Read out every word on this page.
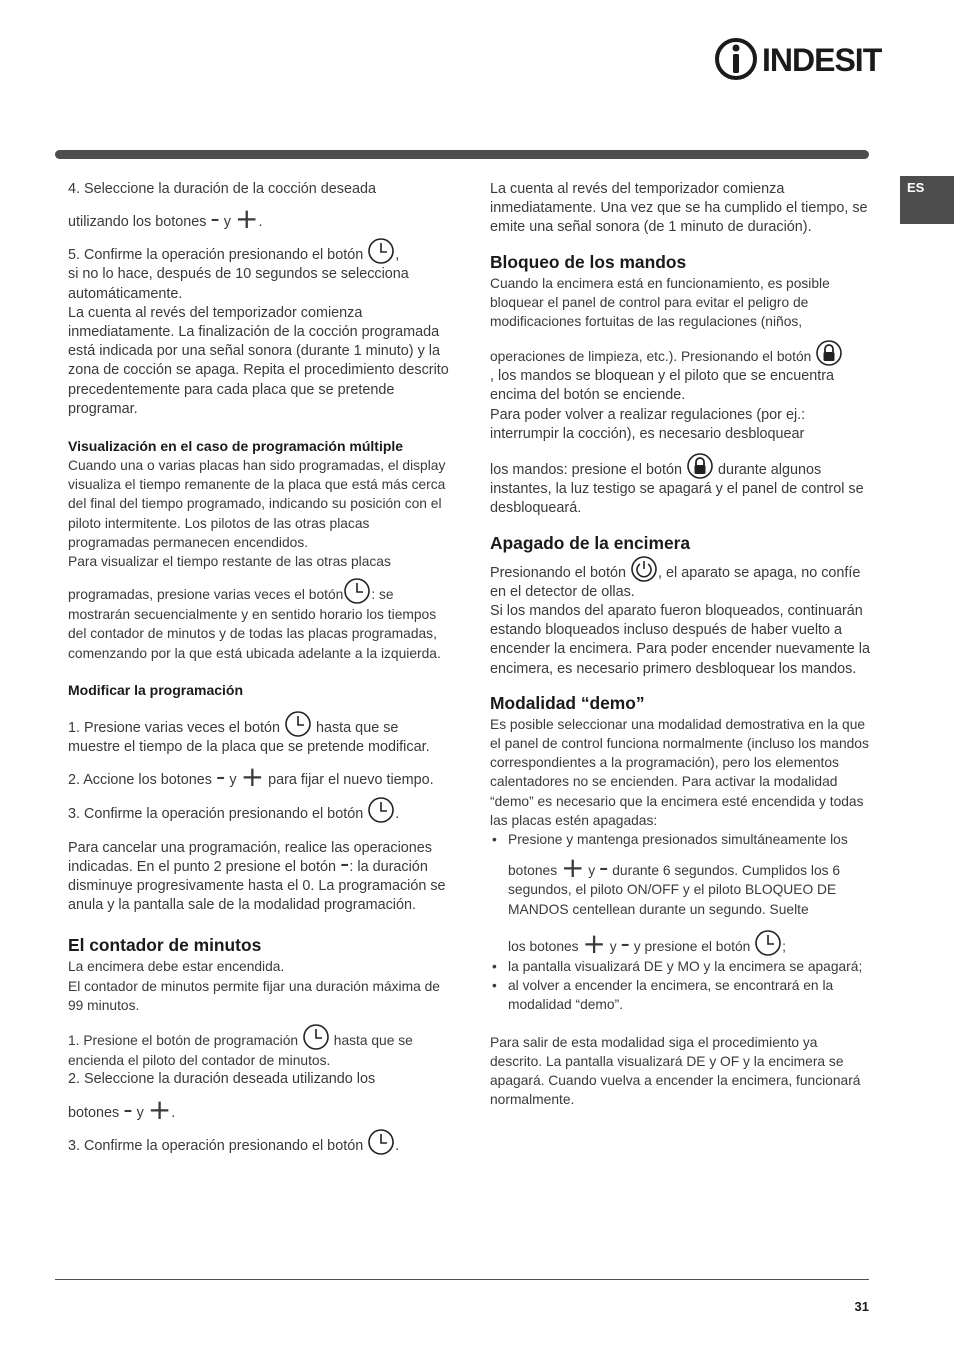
INDESIT
ES

4. Seleccione la duración de la cocción deseada

utilizando los botones - y +.

5. Confirme la operación presionando el botón ,

si no lo hace, después de 10 segundos se selecciona automáticamente.

La cuenta al revés del temporizador comienza inmediatamente. La finalización de la cocción programada está indicada por una señal sonora (durante 1 minuto) y la zona de cocción se apaga. Repita el procedimiento descrito precedentemente para cada placa que se pretende programar.

Visualización en el caso de programación múltiple

Cuando una o varias placas han sido programadas, el display visualiza el tiempo remanente de la placa que está más cerca del final del tiempo programado, indicando su posición con el piloto intermitente. Los pilotos de las otras placas programadas permanecen encendidos.

Para visualizar el tiempo restante de las otras placas

programadas, presione varias veces el botón : se mostrarán secuencialmente y en sentido horario los tiempos del contador de minutos y de todas las placas programadas, comenzando por la que está ubicada adelante a la izquierda.

Modificar la programación

1. Presione varias veces el botón	hasta que se muestre el tiempo de la placa que se pretende modificar.

2. Accione los botones - y + para fijar el nuevo tiempo.

3. Confirme la operación presionando el botón .

Para cancelar una programación, realice las operaciones indicadas. En el punto 2 presione el botón -: la duración disminuye progresivamente hasta el 0. La programación se anula y la pantalla sale de la modalidad programación.

El contador de minutos

La encimera debe estar encendida.

El contador de minutos permite fijar una duración máxima de 99 minutos.

1. Presione el botón de programación	hasta que se encienda el piloto del contador de minutos.

2. Seleccione la duración deseada utilizando los

botones - y +.

3. Confirme la operación presionando el botón .

La cuenta al revés del temporizador comienza inmediatamente. Una vez que se ha cumplido el tiempo, se emite una señal sonora (de 1 minuto de duración).

Bloqueo de los mandos

Cuando la encimera está en funcionamiento, es posible bloquear el panel de control para evitar el peligro de modificaciones fortuitas de las regulaciones (niños,

operaciones de limpieza, etc.). Presionando el botón

, los mandos se bloquean y el piloto que se encuentra encima del botón se enciende.

Para poder volver a realizar regulaciones (por ej.: interrumpir la cocción), es necesario desbloquear

los mandos: presione el botón	durante algunos instantes, la luz testigo se apagará y el panel de control se desbloqueará.

Apagado de la encimera

Presionando el botón , el aparato se apaga, no confíe en el detector de ollas.

Si los mandos del aparato fueron bloqueados, continuarán estando bloqueados incluso después de haber vuelto a encender la encimera. Para poder encender nuevamente la encimera, es necesario primero desbloquear los mandos.

Modalidad “demo”

Es posible seleccionar una modalidad demostrativa en la que el panel de control funciona normalmente (incluso los mandos correspondientes a la programación), pero los elementos calentadores no se encienden. Para activar la modalidad “demo” es necesario que la encimera esté encendida y todas las placas estén apagadas:

• Presione y mantenga presionados simultáneamente los
botones + y - durante 6 segundos. Cumplidos los 6 segundos, el piloto ON/OFF y el piloto BLOQUEO DE MANDOS centellean durante un segundo. Suelte
los botones + y - y presione el botón ;
• la pantalla visualizará DE y MO y la encimera se apagará;
• al volver a encender la encimera, se encontrará en la modalidad “demo”.

Para salir de esta modalidad siga el procedimiento ya descrito. La pantalla visualizará DE y OF y la encimera se apagará. Cuando vuelva a encender la encimera, funcionará normalmente.

31
